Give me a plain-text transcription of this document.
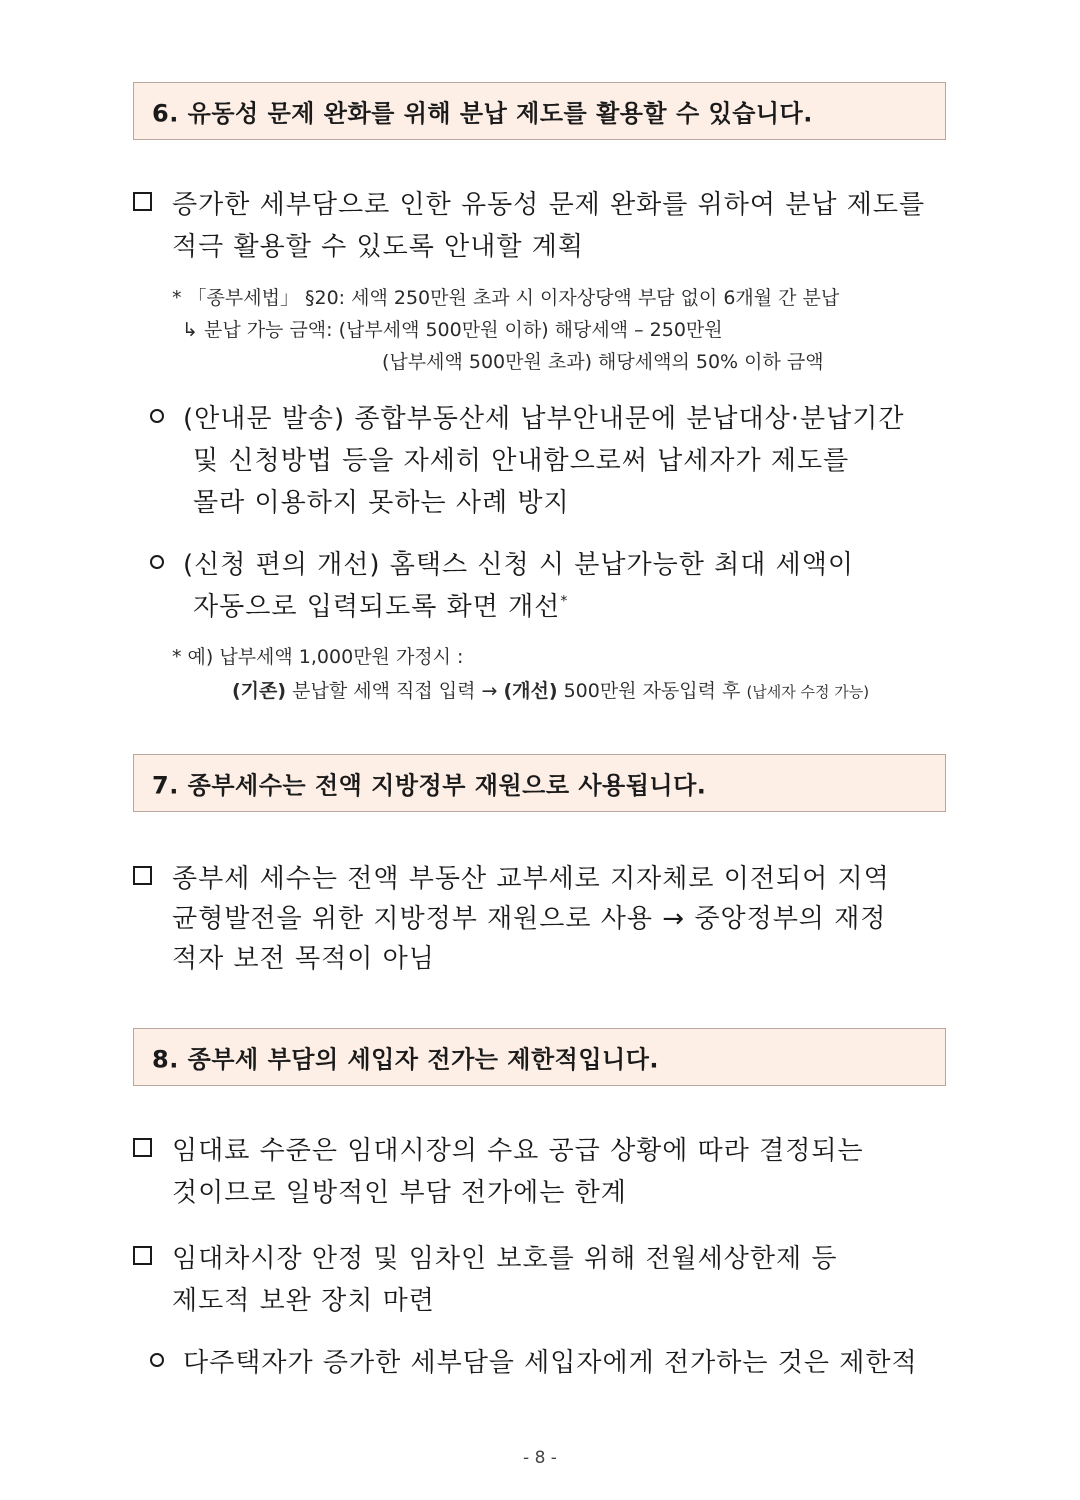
6. 유동성 문제 완화를 위해 분납 제도를 활용할 수 있습니다.
증가한 세부담으로 인한 유동성 문제 완화를 위하여 분납 제도를
적극 활용할 수 있도록 안내할 계획
* 「종부세법」 §20: 세액 250만원 초과 시 이자상당액 부담 없이 6개월 간 분납
↳ 분납 가능 금액: (납부세액 500만원 이하) 해당세액 – 250만원
(납부세액 500만원 초과) 해당세액의 50% 이하 금액
(안내문 발송) 종합부동산세 납부안내문에 분납대상·분납기간
및 신청방법 등을 자세히 안내함으로써 납세자가 제도를
몰라 이용하지 못하는 사례 방지
(신청 편의 개선) 홈택스 신청 시 분납가능한 최대 세액이
자동으로 입력되도록 화면 개선*
* 예) 납부세액 1,000만원 가정시 :
(기존) 분납할 세액 직접 입력 → (개선) 500만원 자동입력 후 (납세자 수정 가능)
7. 종부세수는 전액 지방정부 재원으로 사용됩니다.
종부세 세수는 전액 부동산 교부세로 지자체로 이전되어 지역
균형발전을 위한 지방정부 재원으로 사용 → 중앙정부의 재정
적자 보전 목적이 아님
8. 종부세 부담의 세입자 전가는 제한적입니다.
임대료 수준은 임대시장의 수요 공급 상황에 따라 결정되는
것이므로 일방적인 부담 전가에는 한계
임대차시장 안정 및 임차인 보호를 위해 전월세상한제 등
제도적 보완 장치 마련
다주택자가 증가한 세부담을 세입자에게 전가하는 것은 제한적
- 8 -
